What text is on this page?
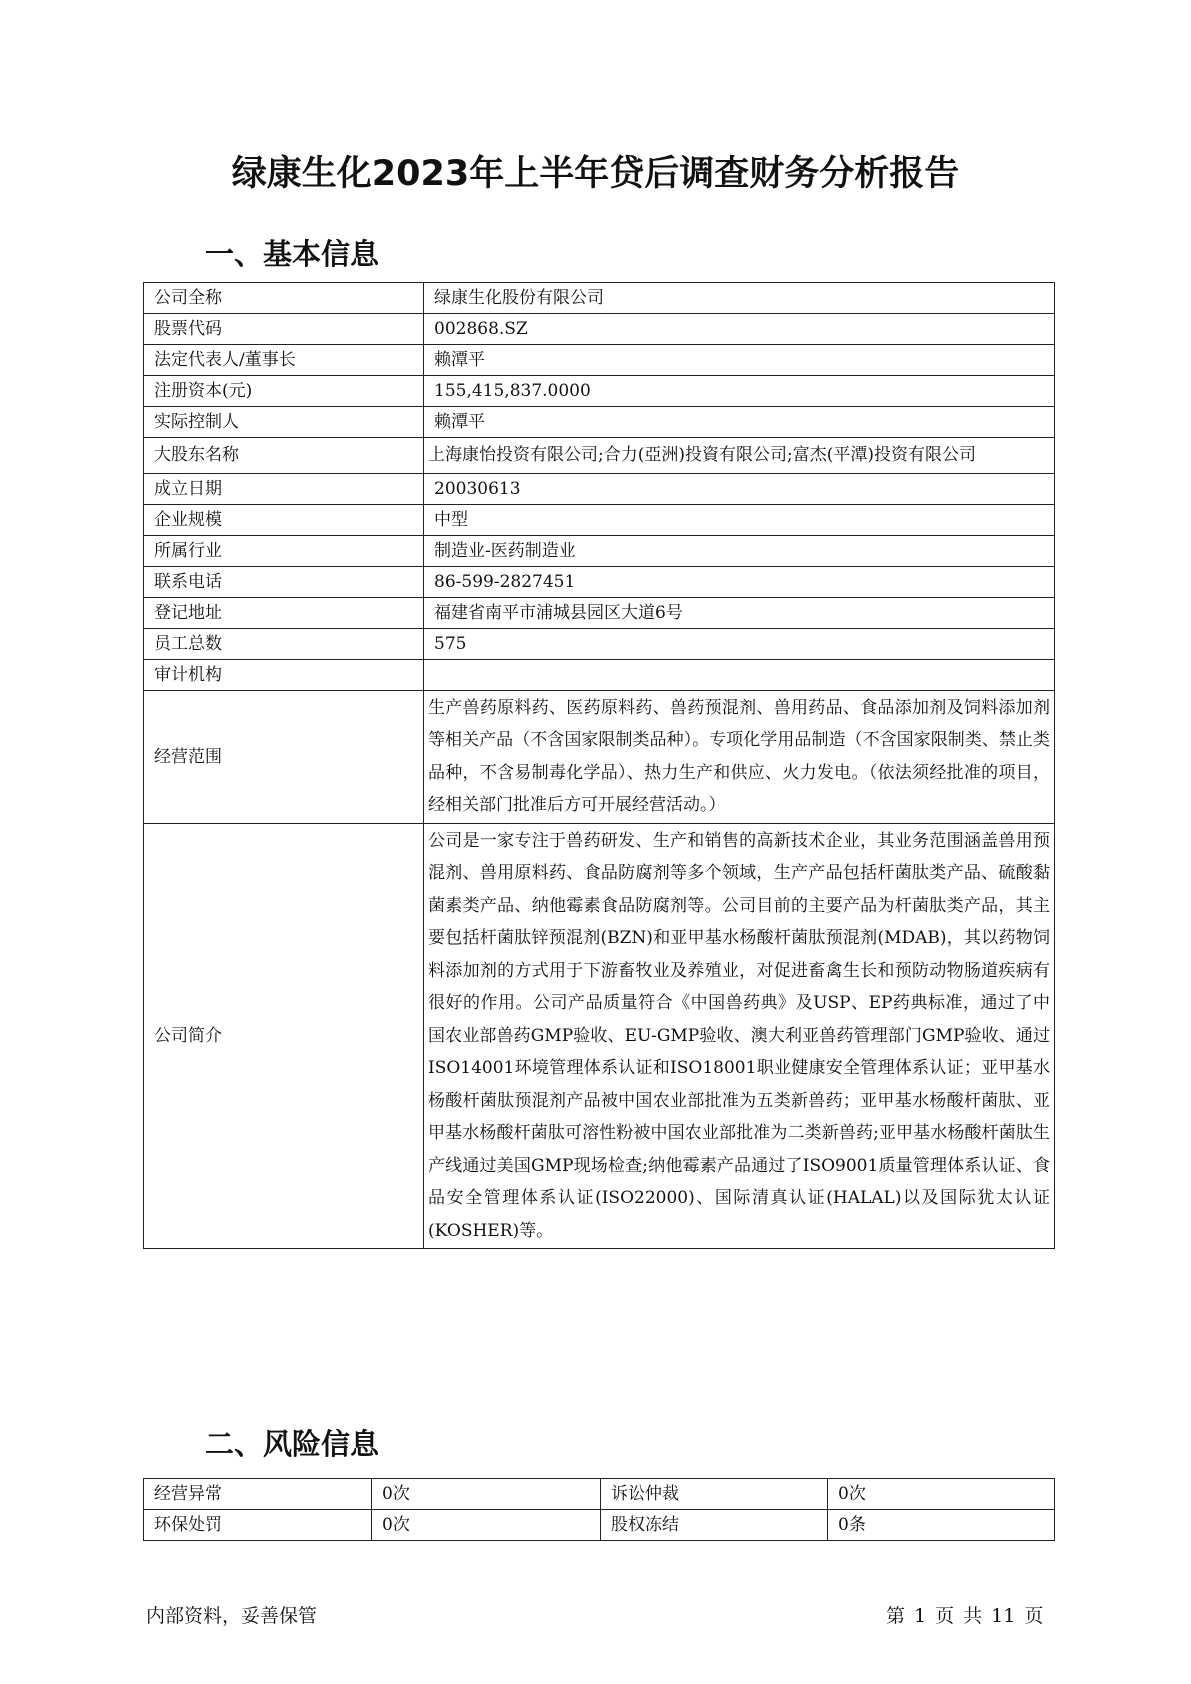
绿康生化2023年上半年贷后调查财务分析报告
一、基本信息
公司全称	绿康生化股份有限公司
股票代码	002868.SZ
法定代表人/董事长	赖潭平
注册资本(元)	155,415,837.0000
实际控制人	赖潭平
大股东名称	上海康怡投资有限公司;合力(亞洲)投資有限公司;富杰(平潭)投资有限公司
成立日期	20030613
企业规模	中型
所属行业	制造业-医药制造业
联系电话	86-599-2827451
登记地址	福建省南平市浦城县园区大道6号
员工总数	575
审计机构	
经营范围	生产兽药原料药、医药原料药、兽药预混剂、兽用药品、食品添加剂及饲料添加剂等相关产品（不含国家限制类品种）。专项化学用品制造（不含国家限制类、禁止类品种，不含易制毒化学品）、热力生产和供应、火力发电。（依法须经批准的项目，经相关部门批准后方可开展经营活动。）
公司简介	公司是一家专注于兽药研发、生产和销售的高新技术企业，其业务范围涵盖兽用预混剂、兽用原料药、食品防腐剂等多个领域，生产产品包括杆菌肽类产品、硫酸黏菌素类产品、纳他霉素食品防腐剂等。公司目前的主要产品为杆菌肽类产品，其主要包括杆菌肽锌预混剂(BZN)和亚甲基水杨酸杆菌肽预混剂(MDAB)，其以药物饲料添加剂的方式用于下游畜牧业及养殖业，对促进畜禽生长和预防动物肠道疾病有很好的作用。公司产品质量符合《中国兽药典》及USP、EP药典标准，通过了中国农业部兽药GMP验收、EU-GMP验收、澳大利亚兽药管理部门GMP验收、通过ISO14001环境管理体系认证和ISO18001职业健康安全管理体系认证；亚甲基水杨酸杆菌肽预混剂产品被中国农业部批准为五类新兽药；亚甲基水杨酸杆菌肽、亚甲基水杨酸杆菌肽可溶性粉被中国农业部批准为二类新兽药;亚甲基水杨酸杆菌肽生产线通过美国GMP现场检查;纳他霉素产品通过了ISO9001质量管理体系认证、食品安全管理体系认证(ISO22000)、国际清真认证(HALAL)以及国际犹太认证(KOSHER)等。
二、风险信息
经营异常	0次	诉讼仲裁	0次
环保处罚	0次	股权冻结	0条

内部资料，妥善保管	第 1 页 共 11 页
